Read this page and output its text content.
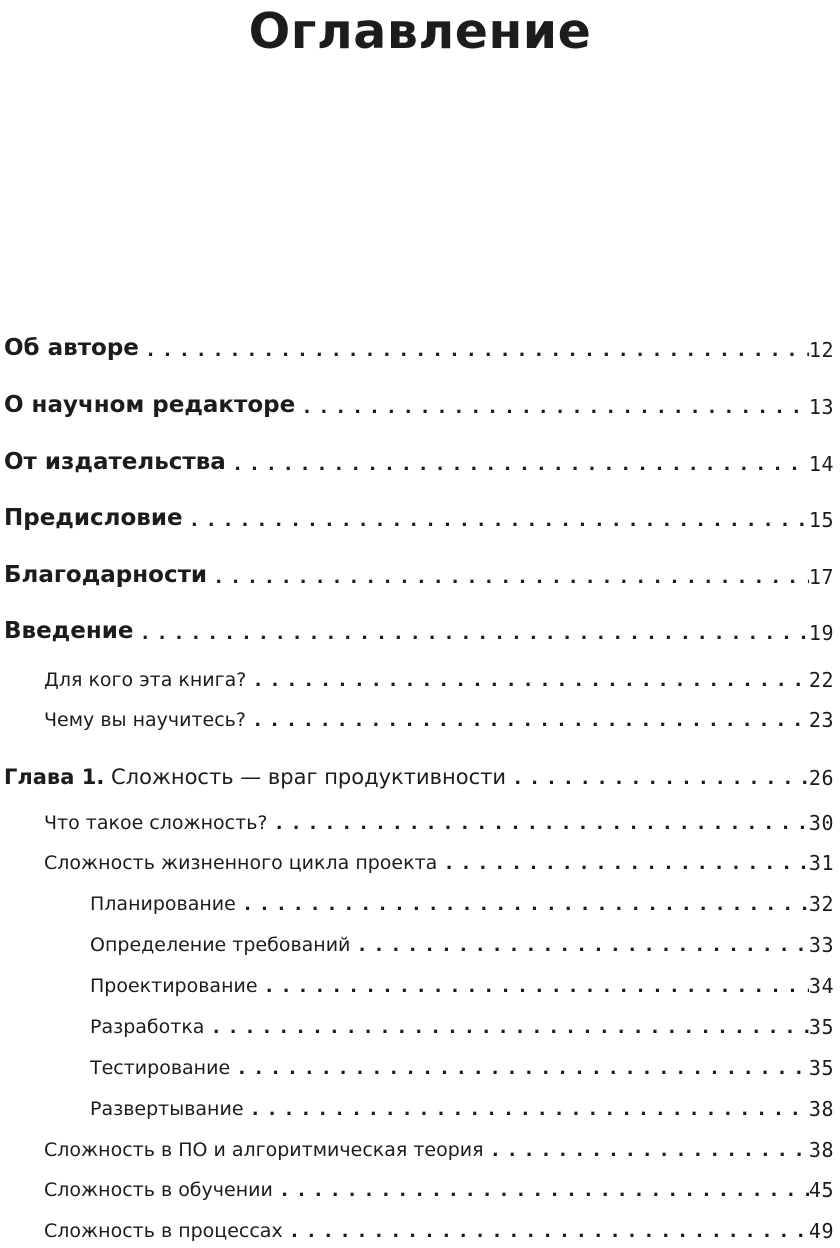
Оглавление
Об авторе . . .	12
О научном редакторе . . .	13
От издательства . . .	14
Предисловие . . .	15
Благодарности . . .	17
Введение . . .	19
Для кого эта книга? . . .	22
Чему вы научитесь? . . .	23
Глава 1. Сложность — враг продуктивности . . .	26
Что такое сложность? . . .	30
Сложность жизненного цикла проекта . . .	31
Планирование . . .	32
Определение требований . . .	33
Проектирование . . .	34
Разработка . . .	35
Тестирование . . .	35
Развертывание . . .	38
Сложность в ПО и алгоритмическая теория . . .	38
Сложность в обучении . . .	45
Сложность в процессах . . .	49
